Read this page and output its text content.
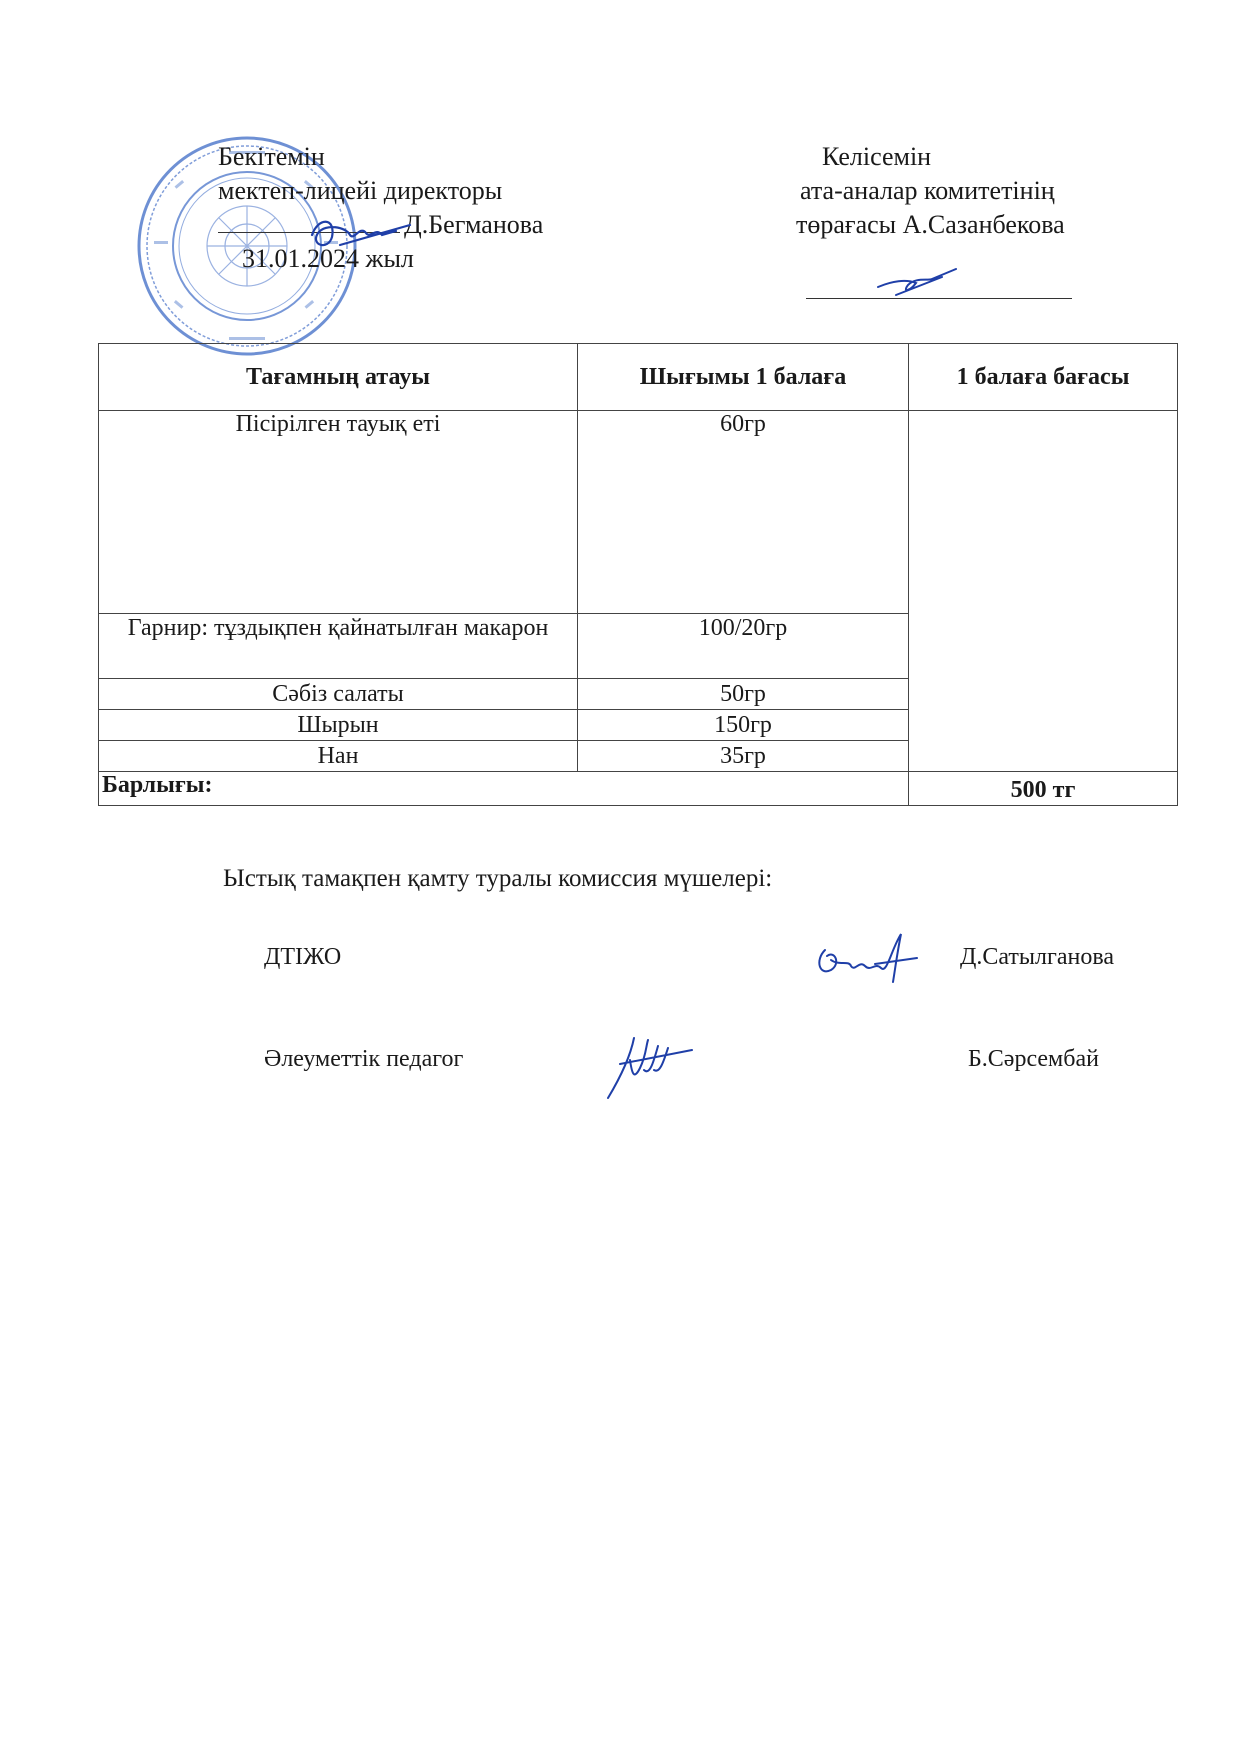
Бекітемін
мектеп-лицейі директоры
Д.Бегманова
31.01.2024 жыл
Келісемін
ата-аналар комитетінің
төрағасы А.Сазанбекова
Тағамның атауы	Шығымы 1 балаға	1 балаға бағасы
Пісірілген тауық еті	60гр	
Гарнир: тұздықпен қайнатылған макарон	100/20гр	
Сәбіз салаты	50гр	
Шырын	150гр	
Нан	35гр	
Барлығы:		500 тг
Ыстық тамақпен қамту туралы комиссия мүшелері:
ДТІЖО	Д.Сатылганова
Әлеуметтік педагог	Б.Сәрсембай
